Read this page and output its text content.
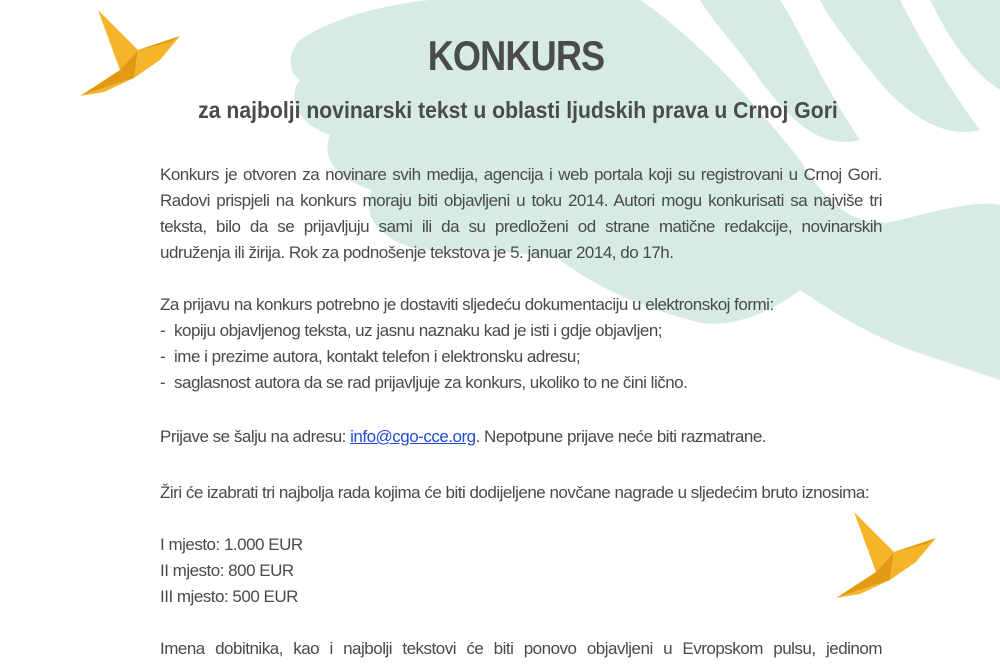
KONKURS
za najbolji novinarski tekst u oblasti ljudskih prava u Crnoj Gori

Konkurs je otvoren za novinare svih medija, agencija i web portala koji su registrovani u Crnoj Gori. Radovi prispjeli na konkurs moraju biti objavljeni u toku 2014. Autori mogu konkurisati sa najviše tri teksta, bilo da se prijavljuju sami ili da su predloženi od strane matične redakcije, novinarskih udruženja ili žirija. Rok za podnošenje tekstova je 5. januar 2014, do 17h.

Za prijavu na konkurs potrebno je dostaviti sljedeću dokumentaciju u elektronskoj formi:

- kopiju objavljenog teksta, uz jasnu naznaku kad je isti i gdje objavljen;
- ime i prezime autora, kontakt telefon i elektronsku adresu;
- saglasnost autora da se rad prijavljuje za konkurs, ukoliko to ne čini lično.

Prijave se šalju na adresu: info@cgo-cce.org. Nepotpune prijave neće biti razmatrane.

Žiri će izabrati tri najbolja rada kojima će biti dodijeljene novčane nagrade u sljedećim bruto iznosima:

I mjesto: 1.000 EUR
II mjesto: 800 EUR
III mjesto: 500 EUR

Imena dobitnika, kao i najbolji tekstovi će biti ponovo objavljeni u Evropskom pulsu, jedinom
